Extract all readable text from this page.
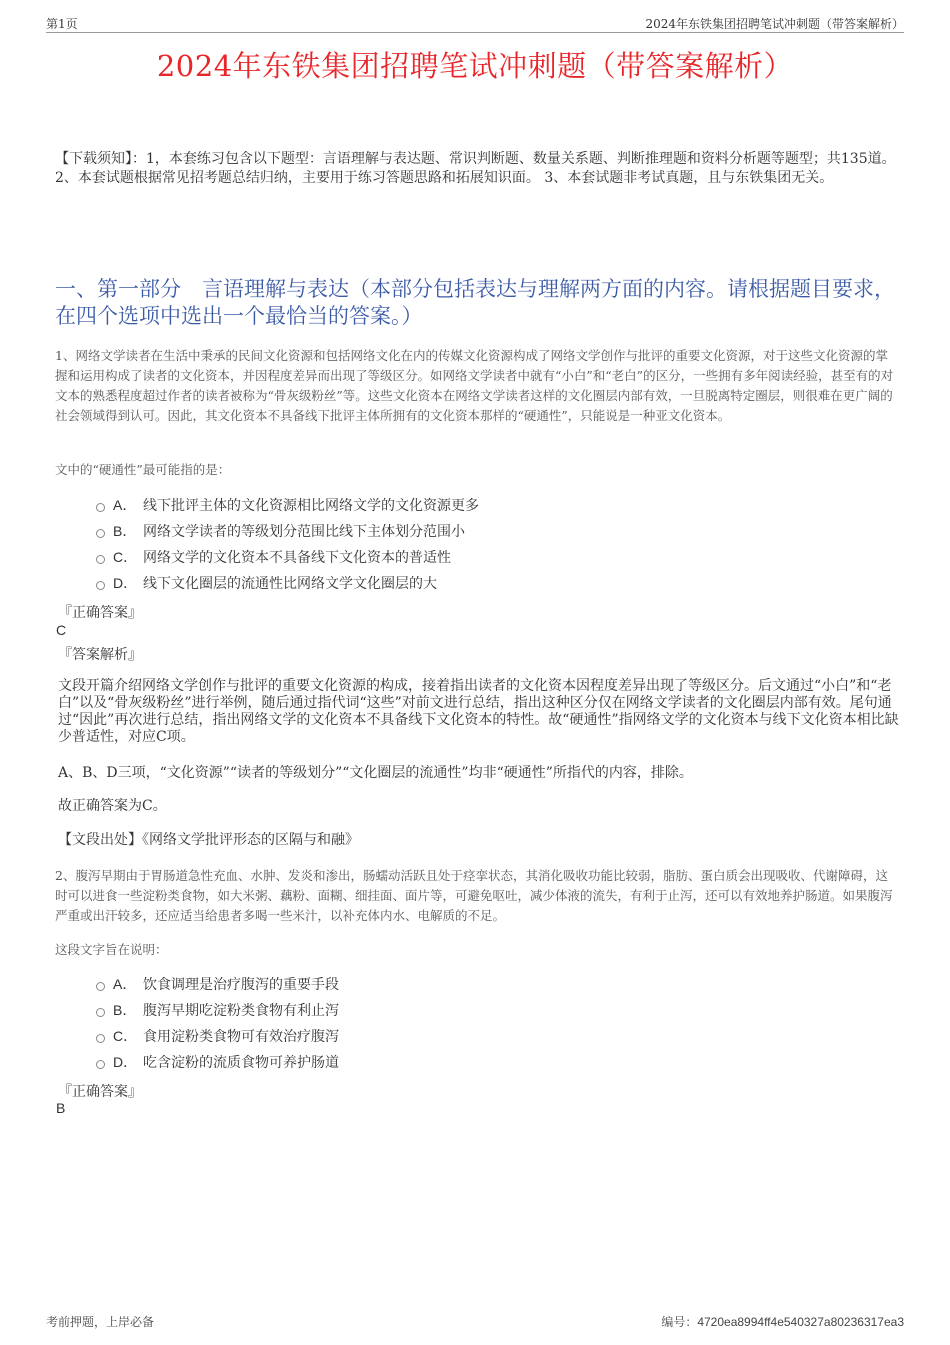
第1页	2024年东铁集团招聘笔试冲刺题（带答案解析）
2024年东铁集团招聘笔试冲刺题（带答案解析）
【下载须知】：1，本套练习包含以下题型：言语理解与表达题、常识判断题、数量关系题、判断推理题和资料分析题等题型；共135道。 2、本套试题根据常见招考题总结归纳，主要用于练习答题思路和拓展知识面。 3、本套试题非考试真题，且与东铁集团无关。
一、第一部分　言语理解与表达（本部分包括表达与理解两方面的内容。请根据题目要求，在四个选项中选出一个最恰当的答案。）
1、网络文学读者在生活中秉承的民间文化资源和包括网络文化在内的传媒文化资源构成了网络文学创作与批评的重要文化资源，对于这些文化资源的掌握和运用构成了读者的文化资本，并因程度差异而出现了等级区分。如网络文学读者中就有“小白”和“老白”的区分，一些拥有多年阅读经验，甚至有的对文本的熟悉程度超过作者的读者被称为“骨灰级粉丝”等。这些文化资本在网络文学读者这样的文化圈层内部有效，一旦脱离特定圈层，则很难在更广阔的社会领域得到认可。因此，其文化资本不具备线下批评主体所拥有的文化资本那样的“硬通性”，只能说是一种亚文化资本。
文中的“硬通性”最可能指的是：
A． 线下批评主体的文化资源相比网络文学的文化资源更多
B． 网络文学读者的等级划分范围比线下主体划分范围小
C． 网络文学的文化资本不具备线下文化资本的普适性
D． 线下文化圈层的流通性比网络文学文化圈层的大
『正确答案』
C
『答案解析』
文段开篇介绍网络文学创作与批评的重要文化资源的构成，接着指出读者的文化资本因程度差异出现了等级区分。后文通过“小白”和“老白”以及“骨灰级粉丝”进行举例，随后通过指代词“这些”对前文进行总结，指出这种区分仅在网络文学读者的文化圈层内部有效。尾句通过“因此”再次进行总结，指出网络文学的文化资本不具备线下文化资本的特性。故“硬通性”指网络文学的文化资本与线下文化资本相比缺少普适性，对应C项。
A、B、D三项，“文化资源”“读者的等级划分”“文化圈层的流通性”均非“硬通性”所指代的内容，排除。
故正确答案为C。
【文段出处】《网络文学批评形态的区隔与和融》
2、腹泻早期由于胃肠道急性充血、水肿、发炎和渗出，肠蠕动活跃且处于痉挛状态，其消化吸收功能比较弱，脂肪、蛋白质会出现吸收、代谢障碍，这时可以进食一些淀粉类食物，如大米粥、藕粉、面糊、细挂面、面片等，可避免呕吐，减少体液的流失，有利于止泻，还可以有效地养护肠道。如果腹泻严重或出汗较多，还应适当给患者多喝一些米汁，以补充体内水、电解质的不足。
这段文字旨在说明：
A． 饮食调理是治疗腹泻的重要手段
B． 腹泻早期吃淀粉类食物有利止泻
C． 食用淀粉类食物可有效治疗腹泻
D． 吃含淀粉的流质食物可养护肠道
『正确答案』
B
考前押题，上岸必备	编号：4720ea8994ff4e540327a80236317ea3
